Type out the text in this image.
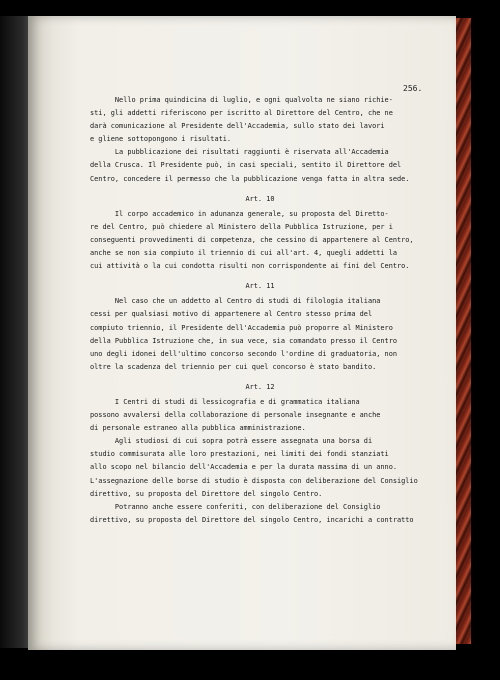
256.
Nello prima quindicina di luglio, e ogni qualvolta ne siano richie-
sti, gli addetti riferiscono per iscritto al Direttore del Centro, che ne
darà comunicazione al Presidente dell'Accademia, sullo stato dei lavori
e gliene sottopongono i risultati.
La pubblicazione dei risultati raggiunti è riservata all'Accademia
della Crusca. Il Presidente può, in casi speciali, sentito il Direttore del
Centro, concedere il permesso che la pubblicazione venga fatta in altra sede.
Art. 10
Il corpo accademico in adunanza generale, su proposta del Diretto-
re del Centro, può chiedere al Ministero della Pubblica Istruzione, per i
conseguenti provvedimenti di competenza, che cessino di appartenere al Centro,
anche se non sia compiuto il triennio di cui all'art. 4, quegli addetti la
cui attività o la cui condotta risulti non corrispondente ai fini del Centro.
Art. 11
Nel caso che un addetto al Centro di studi di filologia italiana
cessi per qualsiasi motivo di appartenere al Centro stesso prima del
compiuto triennio, il Presidente dell'Accademia può proporre al Ministero
della Pubblica Istruzione che, in sua vece, sia comandato presso il Centro
uno degli idonei dell'ultimo concorso secondo l'ordine di graduatoria, non
oltre la scadenza del triennio per cui quel concorso è stato bandito.
Art. 12
I Centri di studi di lessicografia e di grammatica italiana
possono avvalersi della collaborazione di personale insegnante e anche
di personale estraneo alla pubblica amministrazione.
Agli studiosi di cui sopra potrà essere assegnata una borsa di
studio commisurata alle loro prestazioni, nei limiti dei fondi stanziati
allo scopo nel bilancio dell'Accademia e per la durata massima di un anno.
L'assegnazione delle borse di studio è disposta con deliberazione del Consiglio
direttivo, su proposta del Direttore del singolo Centro.
Potranno anche essere conferiti, con deliberazione del Consiglio
direttivo, su proposta del Direttore del singolo Centro, incarichi a contratto
